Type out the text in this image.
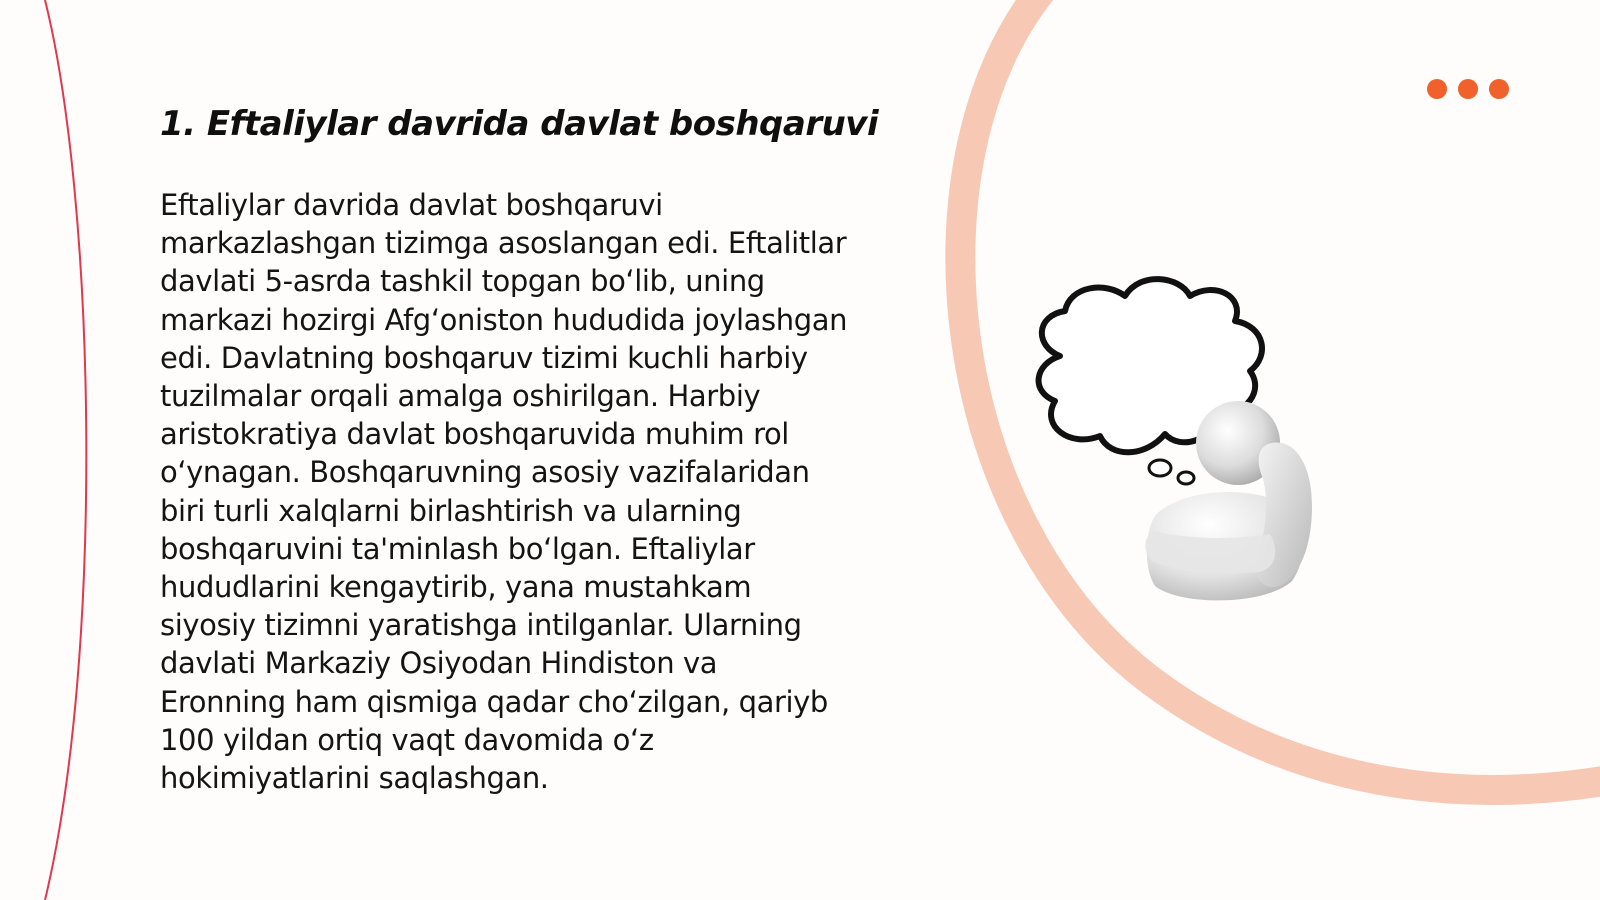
1. Eftaliylar davrida davlat boshqaruvi

Eftaliylar davrida davlat boshqaruvi markazlashgan tizimga asoslangan edi. Eftalitlar davlati 5-asrda tashkil topgan bo‘lib, uning markazi hozirgi Afg‘oniston hududida joylashgan edi. Davlatning boshqaruv tizimi kuchli harbiy tuzilmalar orqali amalga oshirilgan. Harbiy aristokratiya davlat boshqaruvida muhim rol o‘ynagan. Boshqaruvning asosiy vazifalaridan biri turli xalqlarni birlashtirish va ularning boshqaruvini ta'minlash bo‘lgan. Eftaliylar hududlarini kengaytirib, yana mustahkam siyosiy tizimni yaratishga intilganlar. Ularning davlati Markaziy Osiyodan Hindiston va Eronning ham qismiga qadar cho‘zilgan, qariyb 100 yildan ortiq vaqt davomida o‘z hokimiyatlarini saqlashgan.
